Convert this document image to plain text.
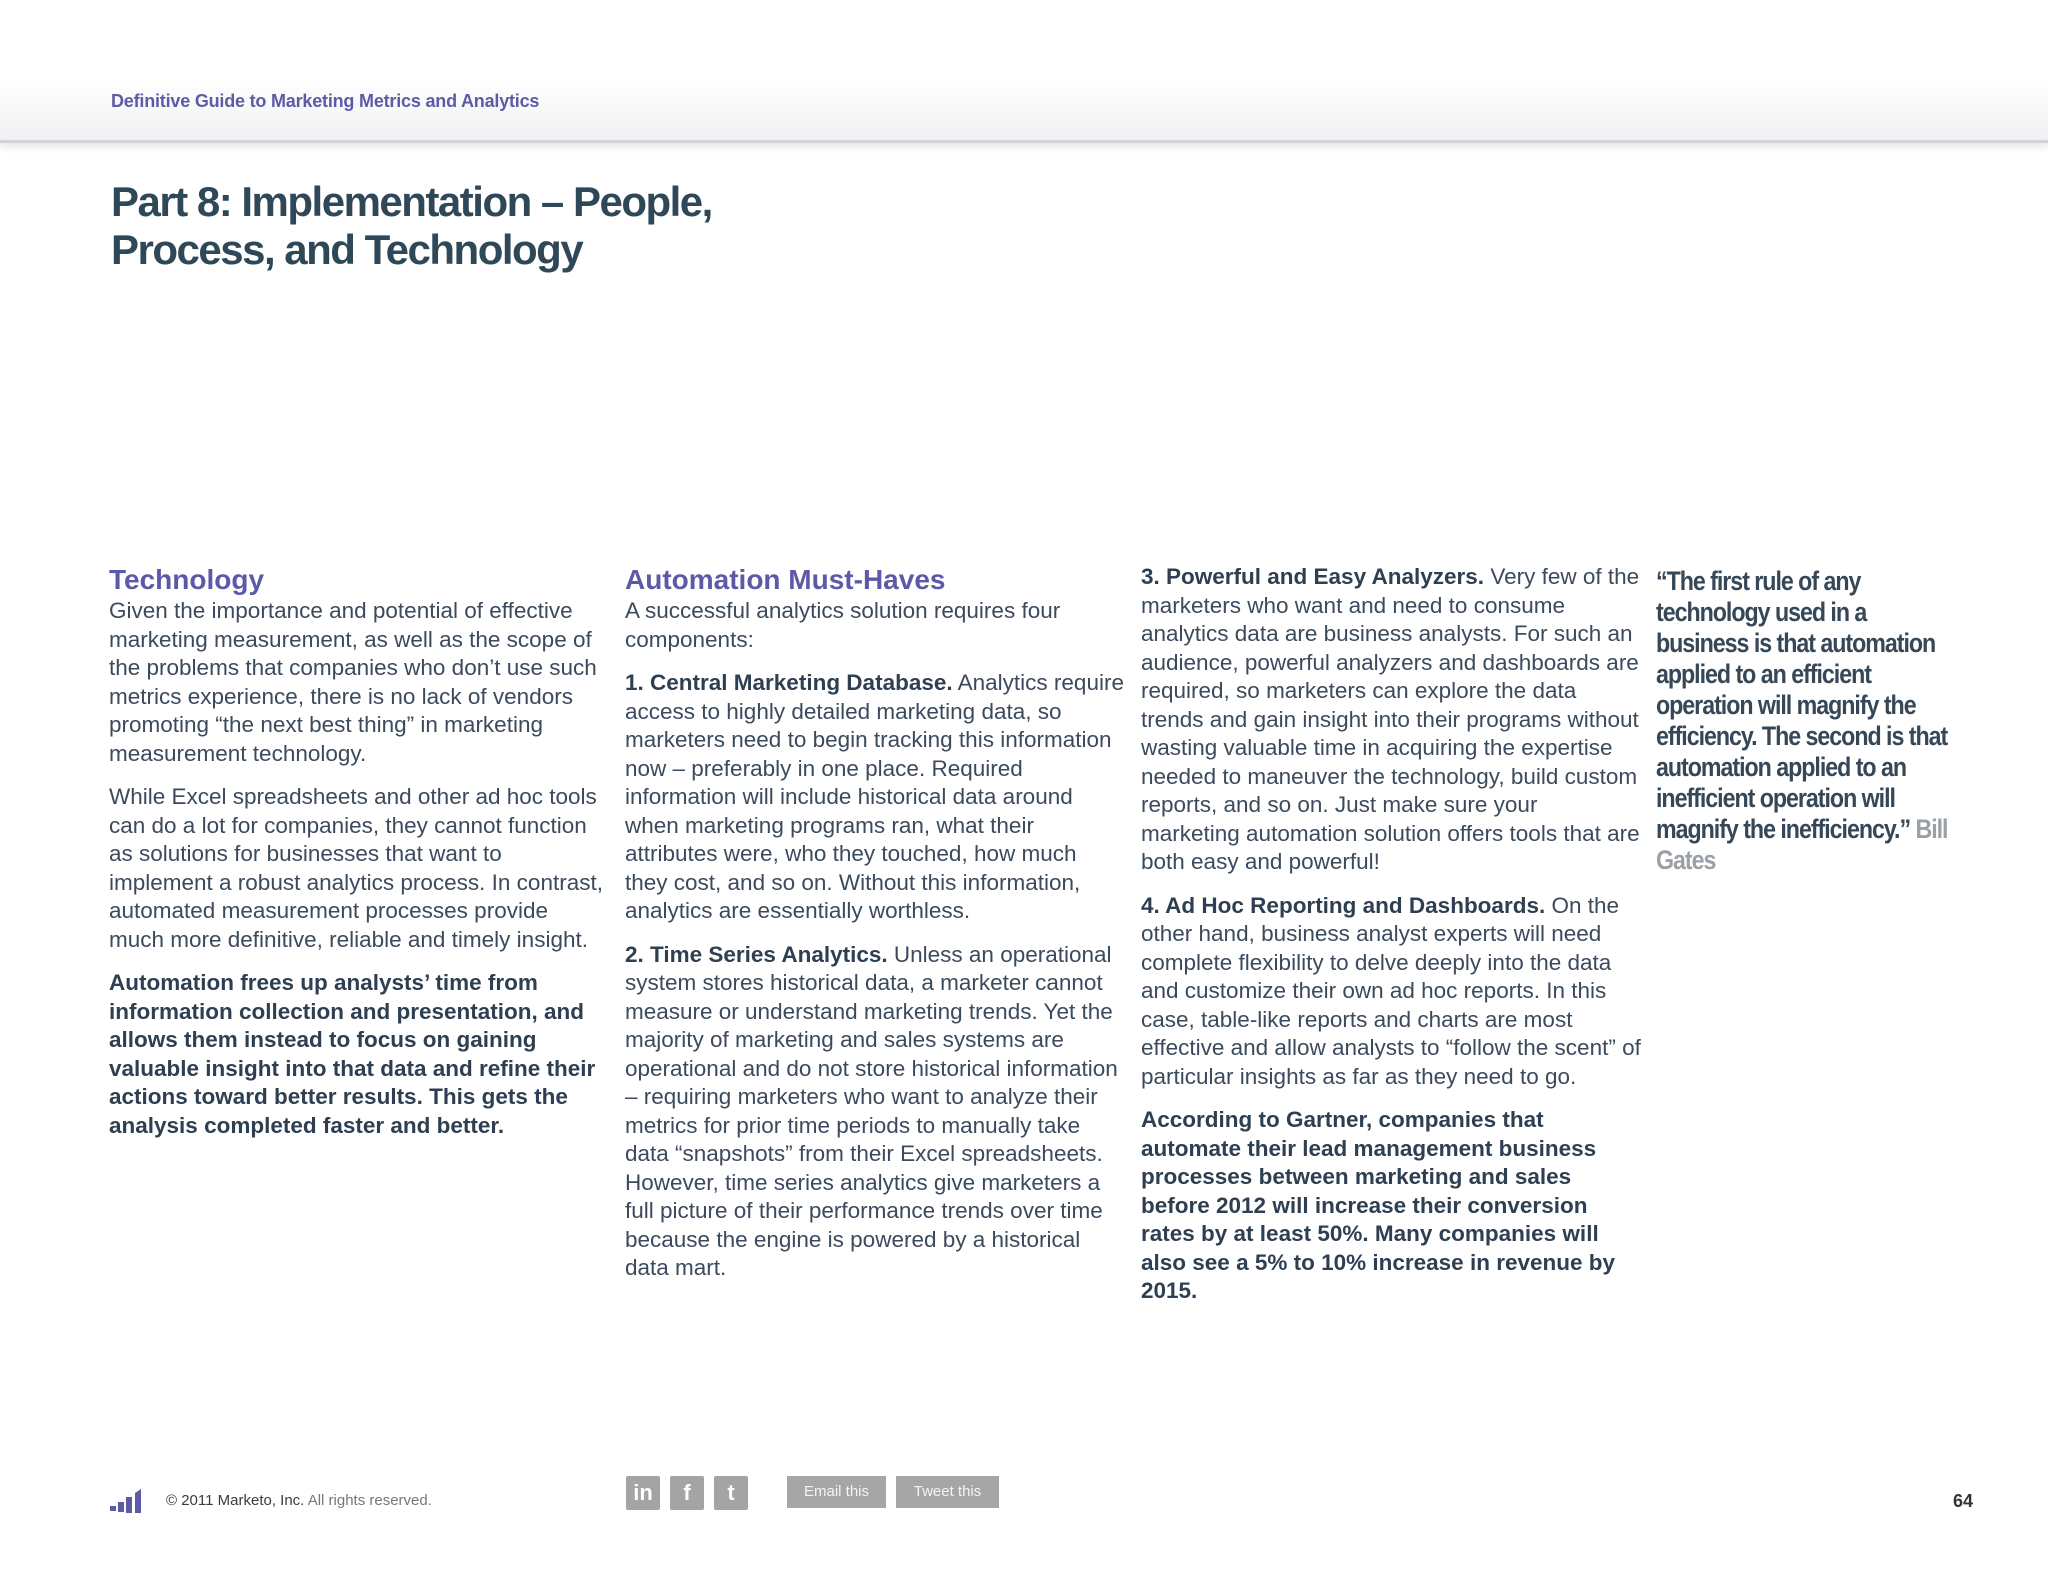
Definitive Guide to Marketing Metrics and Analytics
Part 8: Implementation – People,
Process, and Technology
Technology

Given the importance and potential of effective marketing measurement, as well as the scope of the problems that companies who don’t use such metrics experience, there is no lack of vendors promoting “the next best thing” in marketing measurement technology.

While Excel spreadsheets and other ad hoc tools can do a lot for companies, they cannot function as solutions for businesses that want to implement a robust analytics process. In contrast, automated measurement processes provide much more definitive, reliable and timely insight.

Automation frees up analysts’ time from information collection and presentation, and allows them instead to focus on gaining valuable insight into that data and refine their actions toward better results. This gets the analysis completed faster and better.

Automation Must-Haves

A successful analytics solution requires four components:

1. Central Marketing Database. Analytics require access to highly detailed marketing data, so marketers need to begin tracking this information now – preferably in one place. Required information will include historical data around when marketing programs ran, what their attributes were, who they touched, how much they cost, and so on. Without this information, analytics are essentially worthless.

2. Time Series Analytics. Unless an operational system stores historical data, a marketer cannot measure or understand marketing trends. Yet the majority of marketing and sales systems are operational and do not store historical information – requiring marketers who want to analyze their metrics for prior time periods to manually take data “snapshots” from their Excel spreadsheets. However, time series analytics give marketers a full picture of their performance trends over time because the engine is powered by a historical data mart.

3. Powerful and Easy Analyzers. Very few of the marketers who want and need to consume analytics data are business analysts. For such an audience, powerful analyzers and dashboards are required, so marketers can explore the data trends and gain insight into their programs without wasting valuable time in acquiring the expertise needed to maneuver the technology, build custom reports, and so on. Just make sure your marketing automation solution offers tools that are both easy and powerful!

4. Ad Hoc Reporting and Dashboards. On the other hand, business analyst experts will need complete flexibility to delve deeply into the data and customize their own ad hoc reports. In this case, table-like reports and charts are most effective and allow analysts to “follow the scent” of particular insights as far as they need to go.

According to Gartner, companies that automate their lead management business processes between marketing and sales before 2012 will increase their conversion rates by at least 50%. Many companies will also see a 5% to 10% increase in revenue by 2015.

“The first rule of any technology used in a business is that automation applied to an efficient operation will magnify the efficiency. The second is that automation applied to an inefficient operation will magnify the inefficiency.” Bill Gates
© 2011 Marketo, Inc. All rights reserved.	in	f	t	Email this	Tweet this	64
